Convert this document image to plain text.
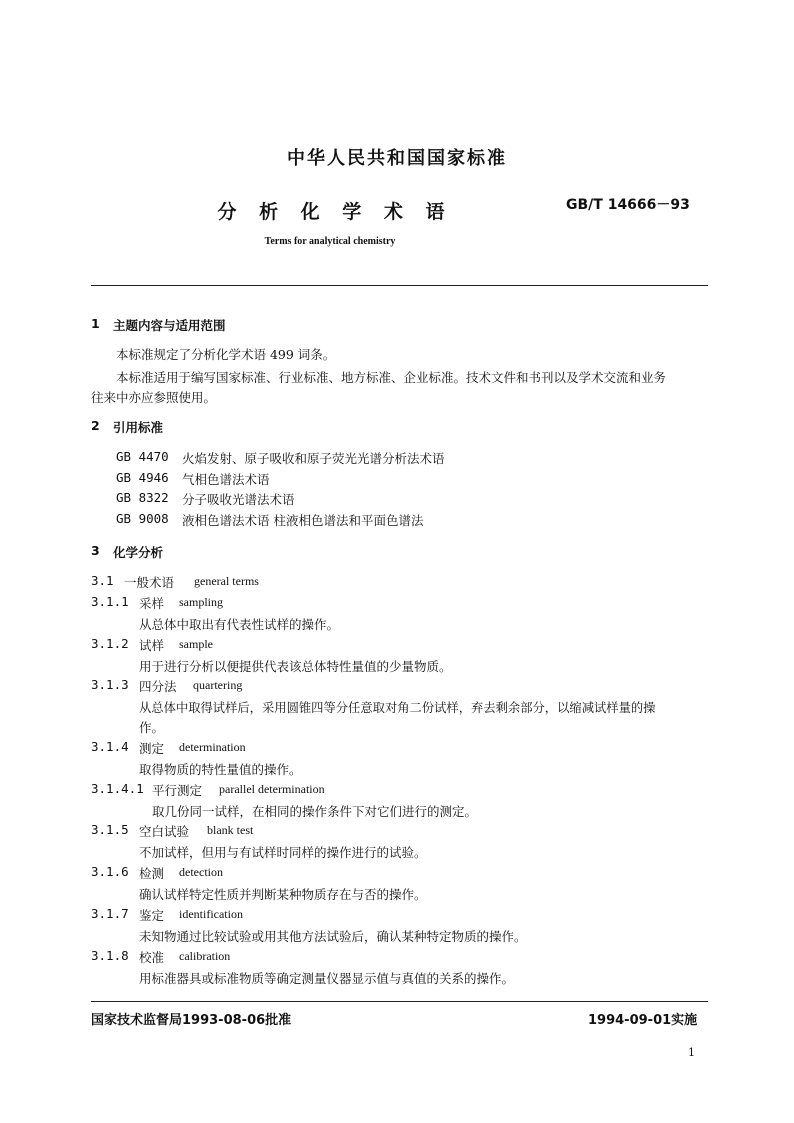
中华人民共和国国家标准
分 析 化 学 术 语	GB/T 14666－93
Terms for analytical chemistry
1 主题内容与适用范围
本标准规定了分析化学术语 499 词条。
本标准适用于编写国家标准、行业标准、地方标准、企业标准。技术文件和书刊以及学术交流和业务
往来中亦应参照使用。
2 引用标准
GB 4470 火焰发射、原子吸收和原子荧光光谱分析法术语
GB 4946 气相色谱法术语
GB 8322 分子吸收光谱法术语
GB 9008 液相色谱法术语 柱液相色谱法和平面色谱法
3 化学分析
3.1 一般术语 general terms
3.1.1 采样 sampling
从总体中取出有代表性试样的操作。
3.1.2 试样 sample
用于进行分析以便提供代表该总体特性量值的少量物质。
3.1.3 四分法 quartering
从总体中取得试样后，采用圆锥四等分任意取对角二份试样，弃去剩余部分，以缩减试样量的操
作。
3.1.4 测定 determination
取得物质的特性量值的操作。
3.1.4.1 平行测定 parallel determination
取几份同一试样，在相同的操作条件下对它们进行的测定。
3.1.5 空白试验 blank test
不加试样，但用与有试样时同样的操作进行的试验。
3.1.6 检测 detection
确认试样特定性质并判断某种物质存在与否的操作。
3.1.7 鉴定 identification
未知物通过比较试验或用其他方法试验后，确认某种特定物质的操作。
3.1.8 校准 calibration
用标准器具或标准物质等确定测量仪器显示值与真值的关系的操作。
国家技术监督局1993-08-06批准	1994-09-01实施
1
